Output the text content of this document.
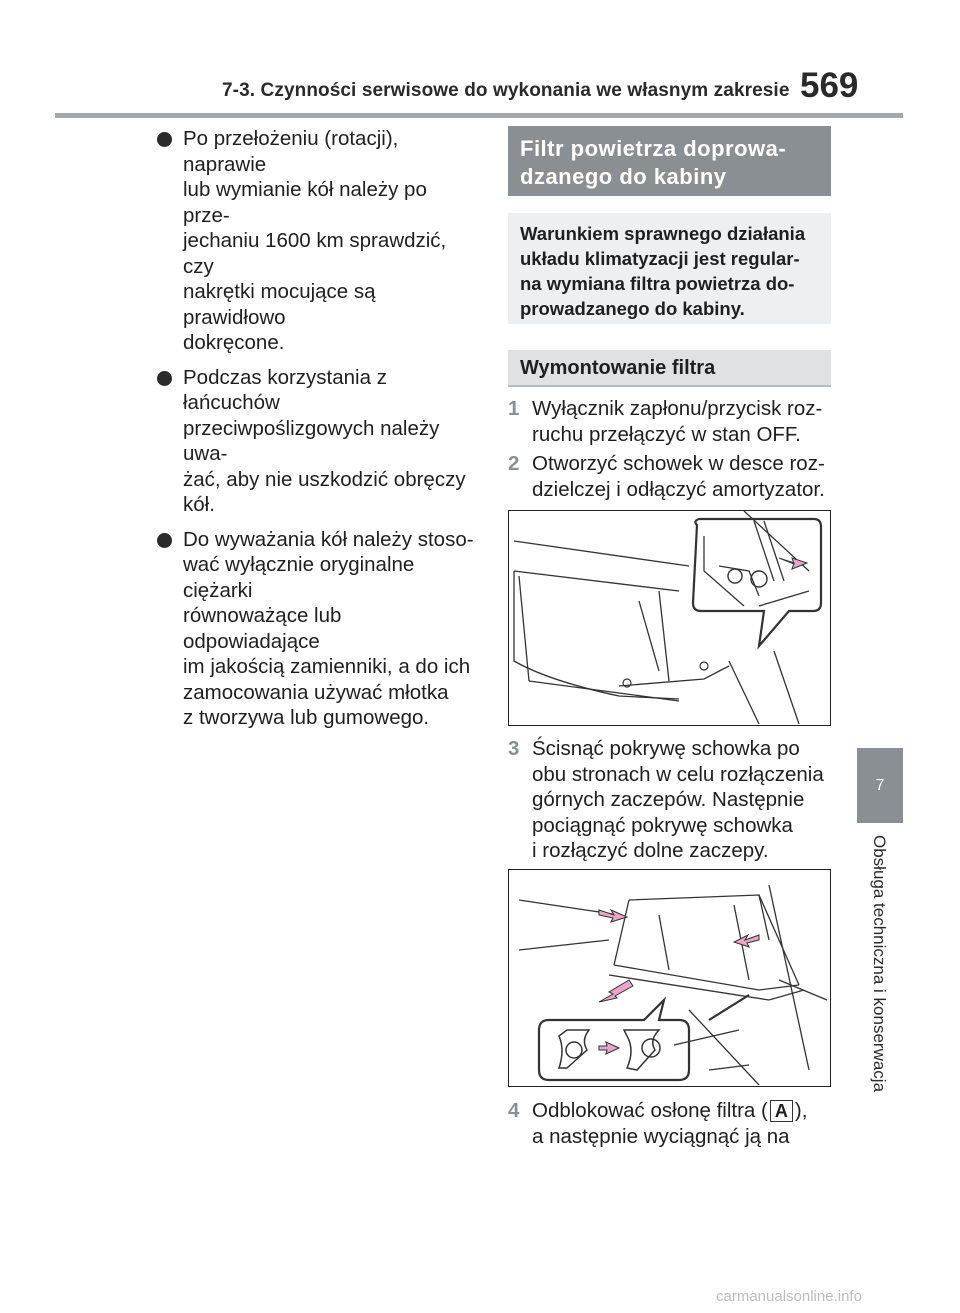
7-3. Czynności serwisowe do wykonania we własnym zakresie 569
Po przełożeniu (rotacji), naprawie
lub wymianie kół należy po prze-
jechaniu 1600 km sprawdzić, czy
nakrętki mocujące są prawidłowo
dokręcone.
Podczas korzystania z łańcuchów
przeciwpoślizgowych należy uwa-
żać, aby nie uszkodzić obręczy
kół.
Do wyważania kół należy stoso-
wać wyłącznie oryginalne ciężarki
równoważące lub odpowiadające
im jakością zamienniki, a do ich
zamocowania używać młotka
z tworzywa lub gumowego.
Filtr powietrza doprowa-
dzanego do kabiny
Warunkiem sprawnego działania
układu klimatyzacji jest regular-
na wymiana filtra powietrza do-
prowadzanego do kabiny.
Wymontowanie filtra
1 Wyłącznik zapłonu/przycisk roz-
ruchu przełączyć w stan OFF.
2 Otworzyć schowek w desce roz-
dzielczej i odłączyć amortyzator.
3 Ścisnąć pokrywę schowka po
obu stronach w celu rozłączenia
górnych zaczepów. Następnie
pociągnąć pokrywę schowka
i rozłączyć dolne zaczepy.
4 Odblokować osłonę filtra ( A ),
a następnie wyciągnąć ją na
7
Obsługa techniczna i konserwacja
carmanualsonline.info
